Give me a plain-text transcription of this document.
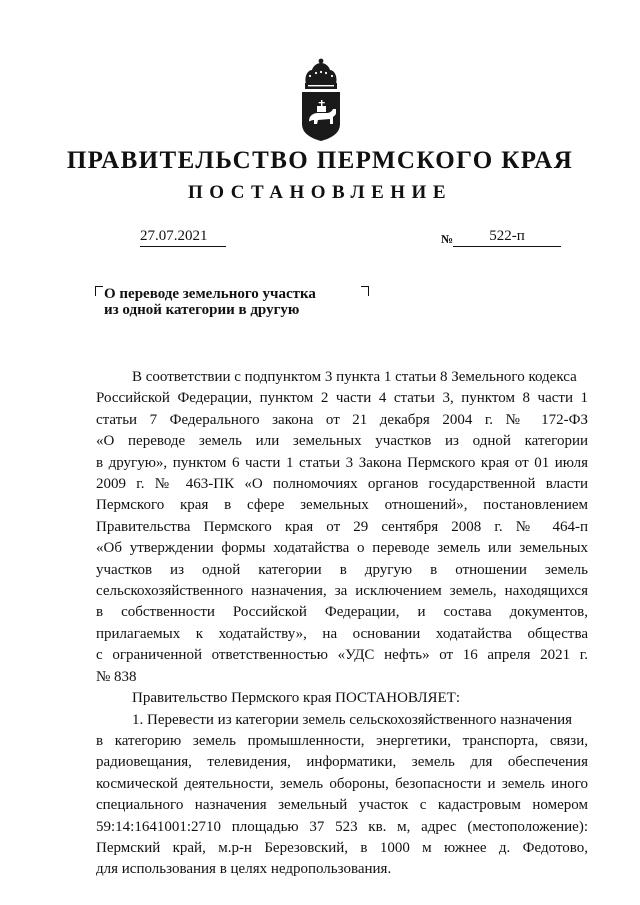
ПРАВИТЕЛЬСТВО ПЕРМСКОГО КРАЯ
ПОСТАНОВЛЕНИЕ
27.07.2021	$_№$ 522-п
О переводе земельного участка
из одной категории в другую
В соответствии с подпунктом 3 пункта 1 статьи 8 Земельного кодекса
Российской Федерации, пунктом 2 части 4 статьи 3, пунктом 8 части 1
статьи 7 Федерального закона от 21 декабря 2004 г. № 172-ФЗ
«О переводе земель или земельных участков из одной категории
в другую», пунктом 6 части 1 статьи 3 Закона Пермского края от 01 июля
2009 г. № 463-ПК «О полномочиях органов государственной власти
Пермского края в сфере земельных отношений», постановлением
Правительства Пермского края от 29 сентября 2008 г. № 464-п
«Об утверждении формы ходатайства о переводе земель или земельных
участков из одной категории в другую в отношении земель
сельскохозяйственного назначения, за исключением земель, находящихся
в собственности Российской Федерации, и состава документов,
прилагаемых к ходатайству», на основании ходатайства общества
с ограниченной ответственностью «УДС нефть» от 16 апреля 2021 г.
№ 838
Правительство Пермского края ПОСТАНОВЛЯЕТ:
1. Перевести из категории земель сельскохозяйственного назначения
в категорию земель промышленности, энергетики, транспорта, связи,
радиовещания, телевидения, информатики, земель для обеспечения
космической деятельности, земель обороны, безопасности и земель иного
специального назначения земельный участок с кадастровым номером
59:14:1641001:2710 площадью 37 523 кв. м, адрес (местоположение):
Пермский край, м.р-н Березовский, в 1000 м южнее д. Федотово,
для использования в целях недропользования.
